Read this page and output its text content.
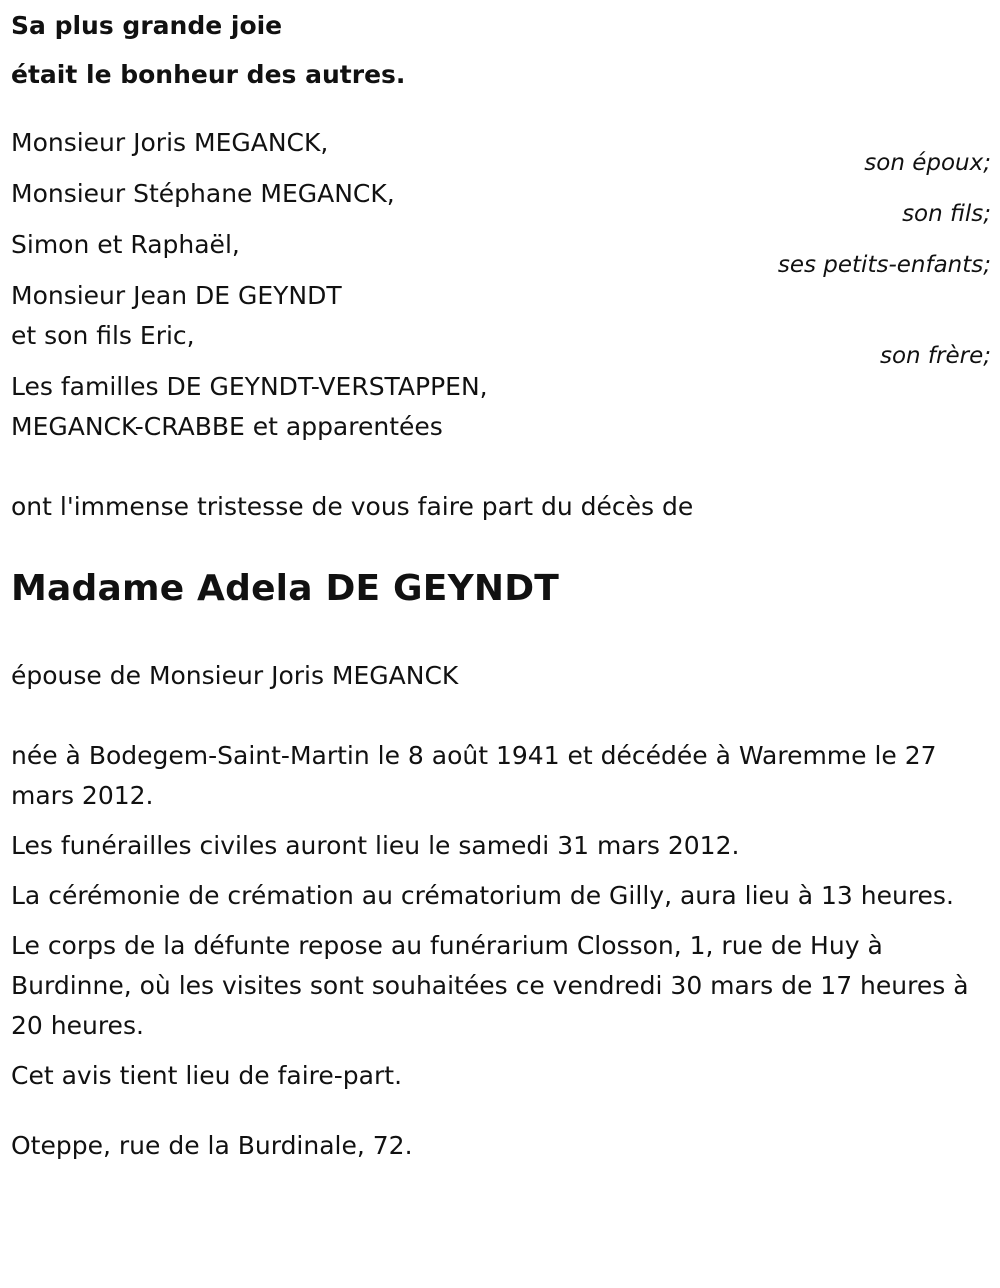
Sa plus grande joie
était le bonheur des autres.
Monsieur Joris MEGANCK,
son époux;
Monsieur Stéphane MEGANCK,
son fils;
Simon et Raphaël,
ses petits-enfants;
Monsieur Jean DE GEYNDT
et son fils Eric,
son frère;
Les familles DE GEYNDT-VERSTAPPEN,
MEGANCK-CRABBE et apparentées
ont l'immense tristesse de vous faire part du décès de
Madame Adela DE GEYNDT
épouse de Monsieur Joris MEGANCK

née à Bodegem-Saint-Martin le 8 août 1941 et décédée à Waremme le 27 mars 2012.

Les funérailles civiles auront lieu le samedi 31 mars 2012.

La cérémonie de crémation au crématorium de Gilly, aura lieu à 13 heures.

Le corps de la défunte repose au funérarium Closson, 1, rue de Huy à Burdinne, où les visites sont souhaitées ce vendredi 30 mars de 17 heures à 20 heures.

Cet avis tient lieu de faire-part.

Oteppe, rue de la Burdinale, 72.
